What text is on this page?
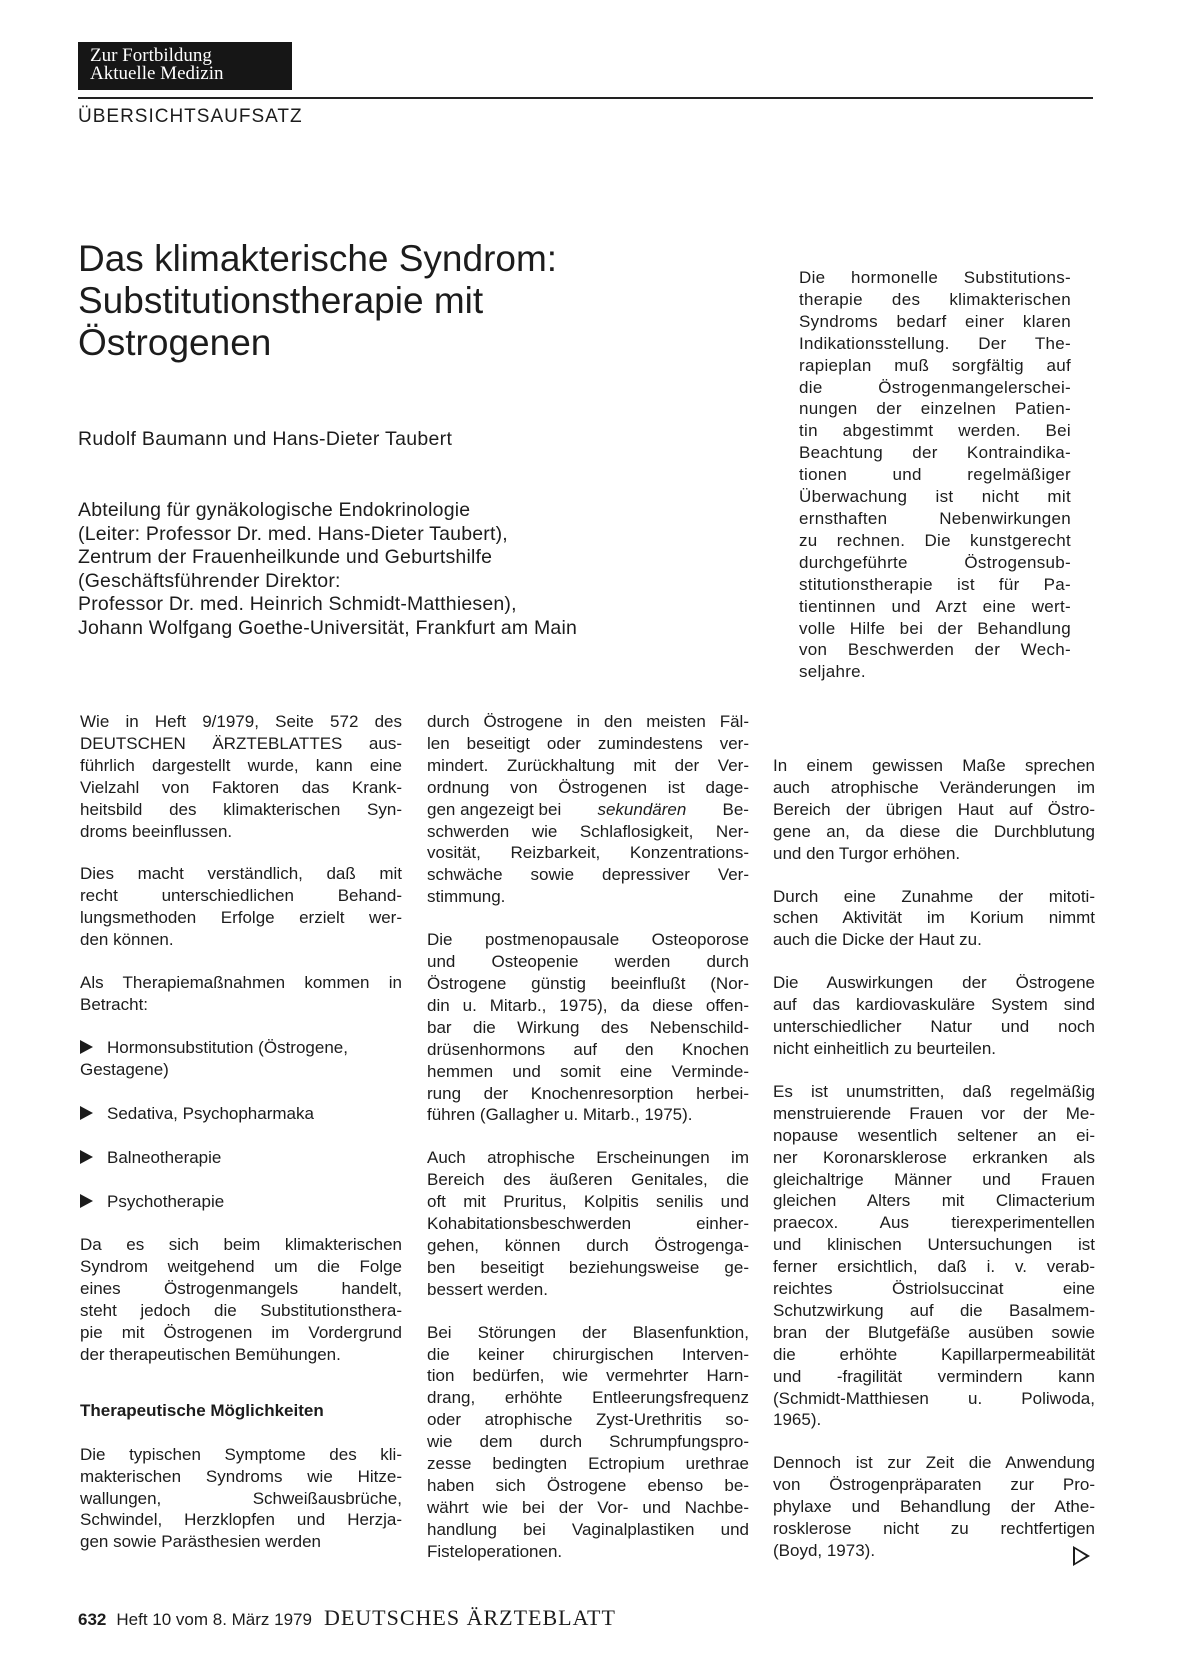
Zur Fortbildung
Aktuelle Medizin
ÜBERSICHTSAUFSATZ
Das klimakterische Syndrom:
Substitutionstherapie mit
Östrogenen
Rudolf Baumann und Hans-Dieter Taubert
Abteilung für gynäkologische Endokrinologie
(Leiter: Professor Dr. med. Hans-Dieter Taubert),
Zentrum der Frauenheilkunde und Geburtshilfe
(Geschäftsführender Direktor:
Professor Dr. med. Heinrich Schmidt-Matthiesen),
Johann Wolfgang Goethe-Universität, Frankfurt am Main
Die hormonelle Substitutions-
therapie des klimakterischen
Syndroms bedarf einer klaren
Indikationsstellung. Der The-
rapieplan muß sorgfältig auf
die Östrogenmangelerschei-
nungen der einzelnen Patien-
tin abgestimmt werden. Bei
Beachtung der Kontraindika-
tionen und regelmäßiger
Überwachung ist nicht mit
ernsthaften Nebenwirkungen
zu rechnen. Die kunstgerecht
durchgeführte Östrogensub-
stitutionstherapie ist für Pa-
tientinnen und Arzt eine wert-
volle Hilfe bei der Behandlung
von Beschwerden der Wech-
seljahre.

Wie in Heft 9/1979, Seite 572 des
DEUTSCHEN ÄRZTEBLATTES aus-
führlich dargestellt wurde, kann eine
Vielzahl von Faktoren das Krank-
heitsbild des klimakterischen Syn-
droms beeinflussen.

Dies macht verständlich, daß mit
recht unterschiedlichen Behand-
lungsmethoden Erfolge erzielt wer-
den können.

Als Therapiemaßnahmen kommen in
Betracht:

Hormonsubstitution (Östrogene,
Gestagene)
Sedativa, Psychopharmaka
Balneotherapie
Psychotherapie

Da es sich beim klimakterischen
Syndrom weitgehend um die Folge
eines Östrogenmangels handelt,
steht jedoch die Substitutionsthera-
pie mit Östrogenen im Vordergrund
der therapeutischen Bemühungen.

Therapeutische Möglichkeiten

Die typischen Symptome des kli-
makterischen Syndroms wie Hitze-
wallungen, Schweißausbrüche,
Schwindel, Herzklopfen und Herzja-
gen sowie Parästhesien werden

durch Östrogene in den meisten Fäl-
len beseitigt oder zumindestens ver-
mindert. Zurückhaltung mit der Ver-
ordnung von Östrogenen ist dage-
gen angezeigt bei sekundären Be-
schwerden wie Schlaflosigkeit, Ner-
vosität, Reizbarkeit, Konzentrations-
schwäche sowie depressiver Ver-
stimmung.

Die postmenopausale Osteoporose
und Osteopenie werden durch
Östrogene günstig beeinflußt (Nor-
din u. Mitarb., 1975), da diese offen-
bar die Wirkung des Nebenschild-
drüsenhormons auf den Knochen
hemmen und somit eine Verminde-
rung der Knochenresorption herbei-
führen (Gallagher u. Mitarb., 1975).

Auch atrophische Erscheinungen im
Bereich des äußeren Genitales, die
oft mit Pruritus, Kolpitis senilis und
Kohabitationsbeschwerden einher-
gehen, können durch Östrogenga-
ben beseitigt beziehungsweise ge-
bessert werden.

Bei Störungen der Blasenfunktion,
die keiner chirurgischen Interven-
tion bedürfen, wie vermehrter Harn-
drang, erhöhte Entleerungsfrequenz
oder atrophische Zyst-Urethritis so-
wie dem durch Schrumpfungspro-
zesse bedingten Ectropium urethrae
haben sich Östrogene ebenso be-
währt wie bei der Vor- und Nachbe-
handlung bei Vaginalplastiken und
Fisteloperationen.

In einem gewissen Maße sprechen
auch atrophische Veränderungen im
Bereich der übrigen Haut auf Östro-
gene an, da diese die Durchblutung
und den Turgor erhöhen.

Durch eine Zunahme der mitoti-
schen Aktivität im Korium nimmt
auch die Dicke der Haut zu.

Die Auswirkungen der Östrogene
auf das kardiovaskuläre System sind
unterschiedlicher Natur und noch
nicht einheitlich zu beurteilen.

Es ist unumstritten, daß regelmäßig
menstruierende Frauen vor der Me-
nopause wesentlich seltener an ei-
ner Koronarsklerose erkranken als
gleichaltrige Männer und Frauen
gleichen Alters mit Climacterium
praecox. Aus tierexperimentellen
und klinischen Untersuchungen ist
ferner ersichtlich, daß i. v. verab-
reichtes Östriolsuccinat eine
Schutzwirkung auf die Basalmem-
bran der Blutgefäße ausüben sowie
die erhöhte Kapillarpermeabilität
und -fragilität vermindern kann
(Schmidt-Matthiesen u. Poliwoda,
1965).

Dennoch ist zur Zeit die Anwendung
von Östrogenpräparaten zur Pro-
phylaxe und Behandlung der Athe-
rosklerose nicht zu rechtfertigen
(Boyd, 1973).

632 Heft 10 vom 8. März 1979 DEUTSCHES ÄRZTEBLATT
